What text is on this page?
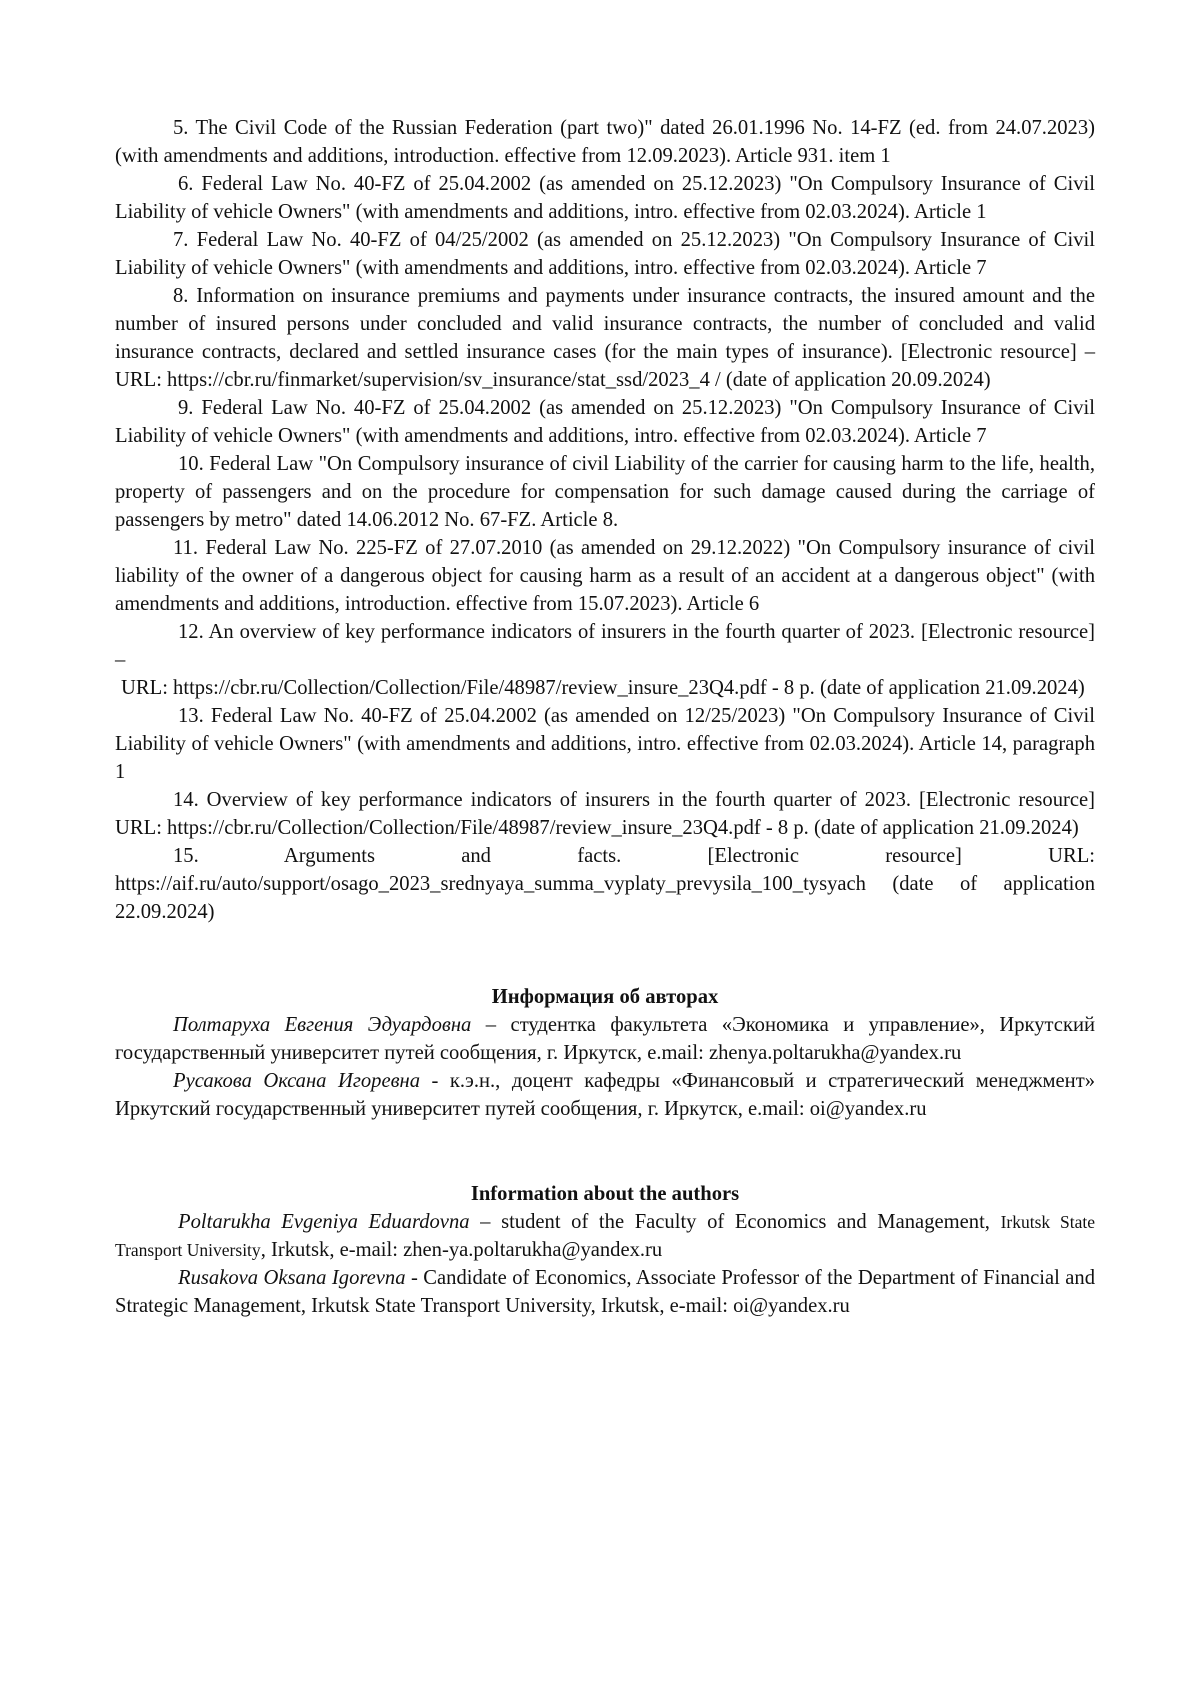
5. The Civil Code of the Russian Federation (part two)" dated 26.01.1996 No. 14-FZ (ed. from 24.07.2023) (with amendments and additions, introduction. effective from 12.09.2023). Article 931. item 1

6. Federal Law No. 40-FZ of 25.04.2002 (as amended on 25.12.2023) "On Compulsory Insurance of Civil Liability of vehicle Owners" (with amendments and additions, intro. effective from 02.03.2024). Article 1

7. Federal Law No. 40-FZ of 04/25/2002 (as amended on 25.12.2023) "On Compulsory Insurance of Civil Liability of vehicle Owners" (with amendments and additions, intro. effective from 02.03.2024). Article 7

8. Information on insurance premiums and payments under insurance contracts, the insured amount and the number of insured persons under concluded and valid insurance contracts, the number of concluded and valid insurance contracts, declared and settled insurance cases (for the main types of insurance). [Electronic resource] – URL: https://cbr.ru/finmarket/supervision/sv_insurance/stat_ssd/2023_4 / (date of application 20.09.2024)

9. Federal Law No. 40-FZ of 25.04.2002 (as amended on 25.12.2023) "On Compulsory Insurance of Civil Liability of vehicle Owners" (with amendments and additions, intro. effective from 02.03.2024). Article 7

10. Federal Law "On Compulsory insurance of civil Liability of the carrier for causing harm to the life, health, property of passengers and on the procedure for compensation for such damage caused during the carriage of passengers by metro" dated 14.06.2012 No. 67-FZ. Article 8.

11. Federal Law No. 225-FZ of 27.07.2010 (as amended on 29.12.2022) "On Compulsory insurance of civil liability of the owner of a dangerous object for causing harm as a result of an accident at a dangerous object" (with amendments and additions, introduction. effective from 15.07.2023). Article 6

12. An overview of key performance indicators of insurers in the fourth quarter of 2023. [Electronic resource] –
URL: https://cbr.ru/Collection/Collection/File/48987/review_insure_23Q4.pdf - 8 p. (date of application 21.09.2024)

13. Federal Law No. 40-FZ of 25.04.2002 (as amended on 12/25/2023) "On Compulsory Insurance of Civil Liability of vehicle Owners" (with amendments and additions, intro. effective from 02.03.2024). Article 14, paragraph 1

14. Overview of key performance indicators of insurers in the fourth quarter of 2023. [Electronic resource] URL: https://cbr.ru/Collection/Collection/File/48987/review_insure_23Q4.pdf - 8 p. (date of application 21.09.2024)

15. Arguments and facts. [Electronic resource] URL: https://aif.ru/auto/support/osago_2023_srednyaya_summa_vyplaty_prevysila_100_tysyach (date of application 22.09.2024)

Информация об авторах

Полтаруха Евгения Эдуардовна – студентка факультета «Экономика и управление», Иркутский государственный университет путей сообщения, г. Иркутск, e.mail: zhenya.poltarukha@yandex.ru

Русакова Оксана Игоревна - к.э.н., доцент кафедры «Финансовый и стратегический менеджмент» Иркутский государственный университет путей сообщения, г. Иркутск, e.mail: oi@yandex.ru

Information about the authors

Poltarukha Evgeniya Eduardovna – student of the Faculty of Economics and Management, Irkutsk State Transport University, Irkutsk, e-mail: zhen-ya.poltarukha@yandex.ru

Rusakova Oksana Igorevna - Candidate of Economics, Associate Professor of the Department of Financial and Strategic Management, Irkutsk State Transport University, Irkutsk, e-mail: oi@yandex.ru
